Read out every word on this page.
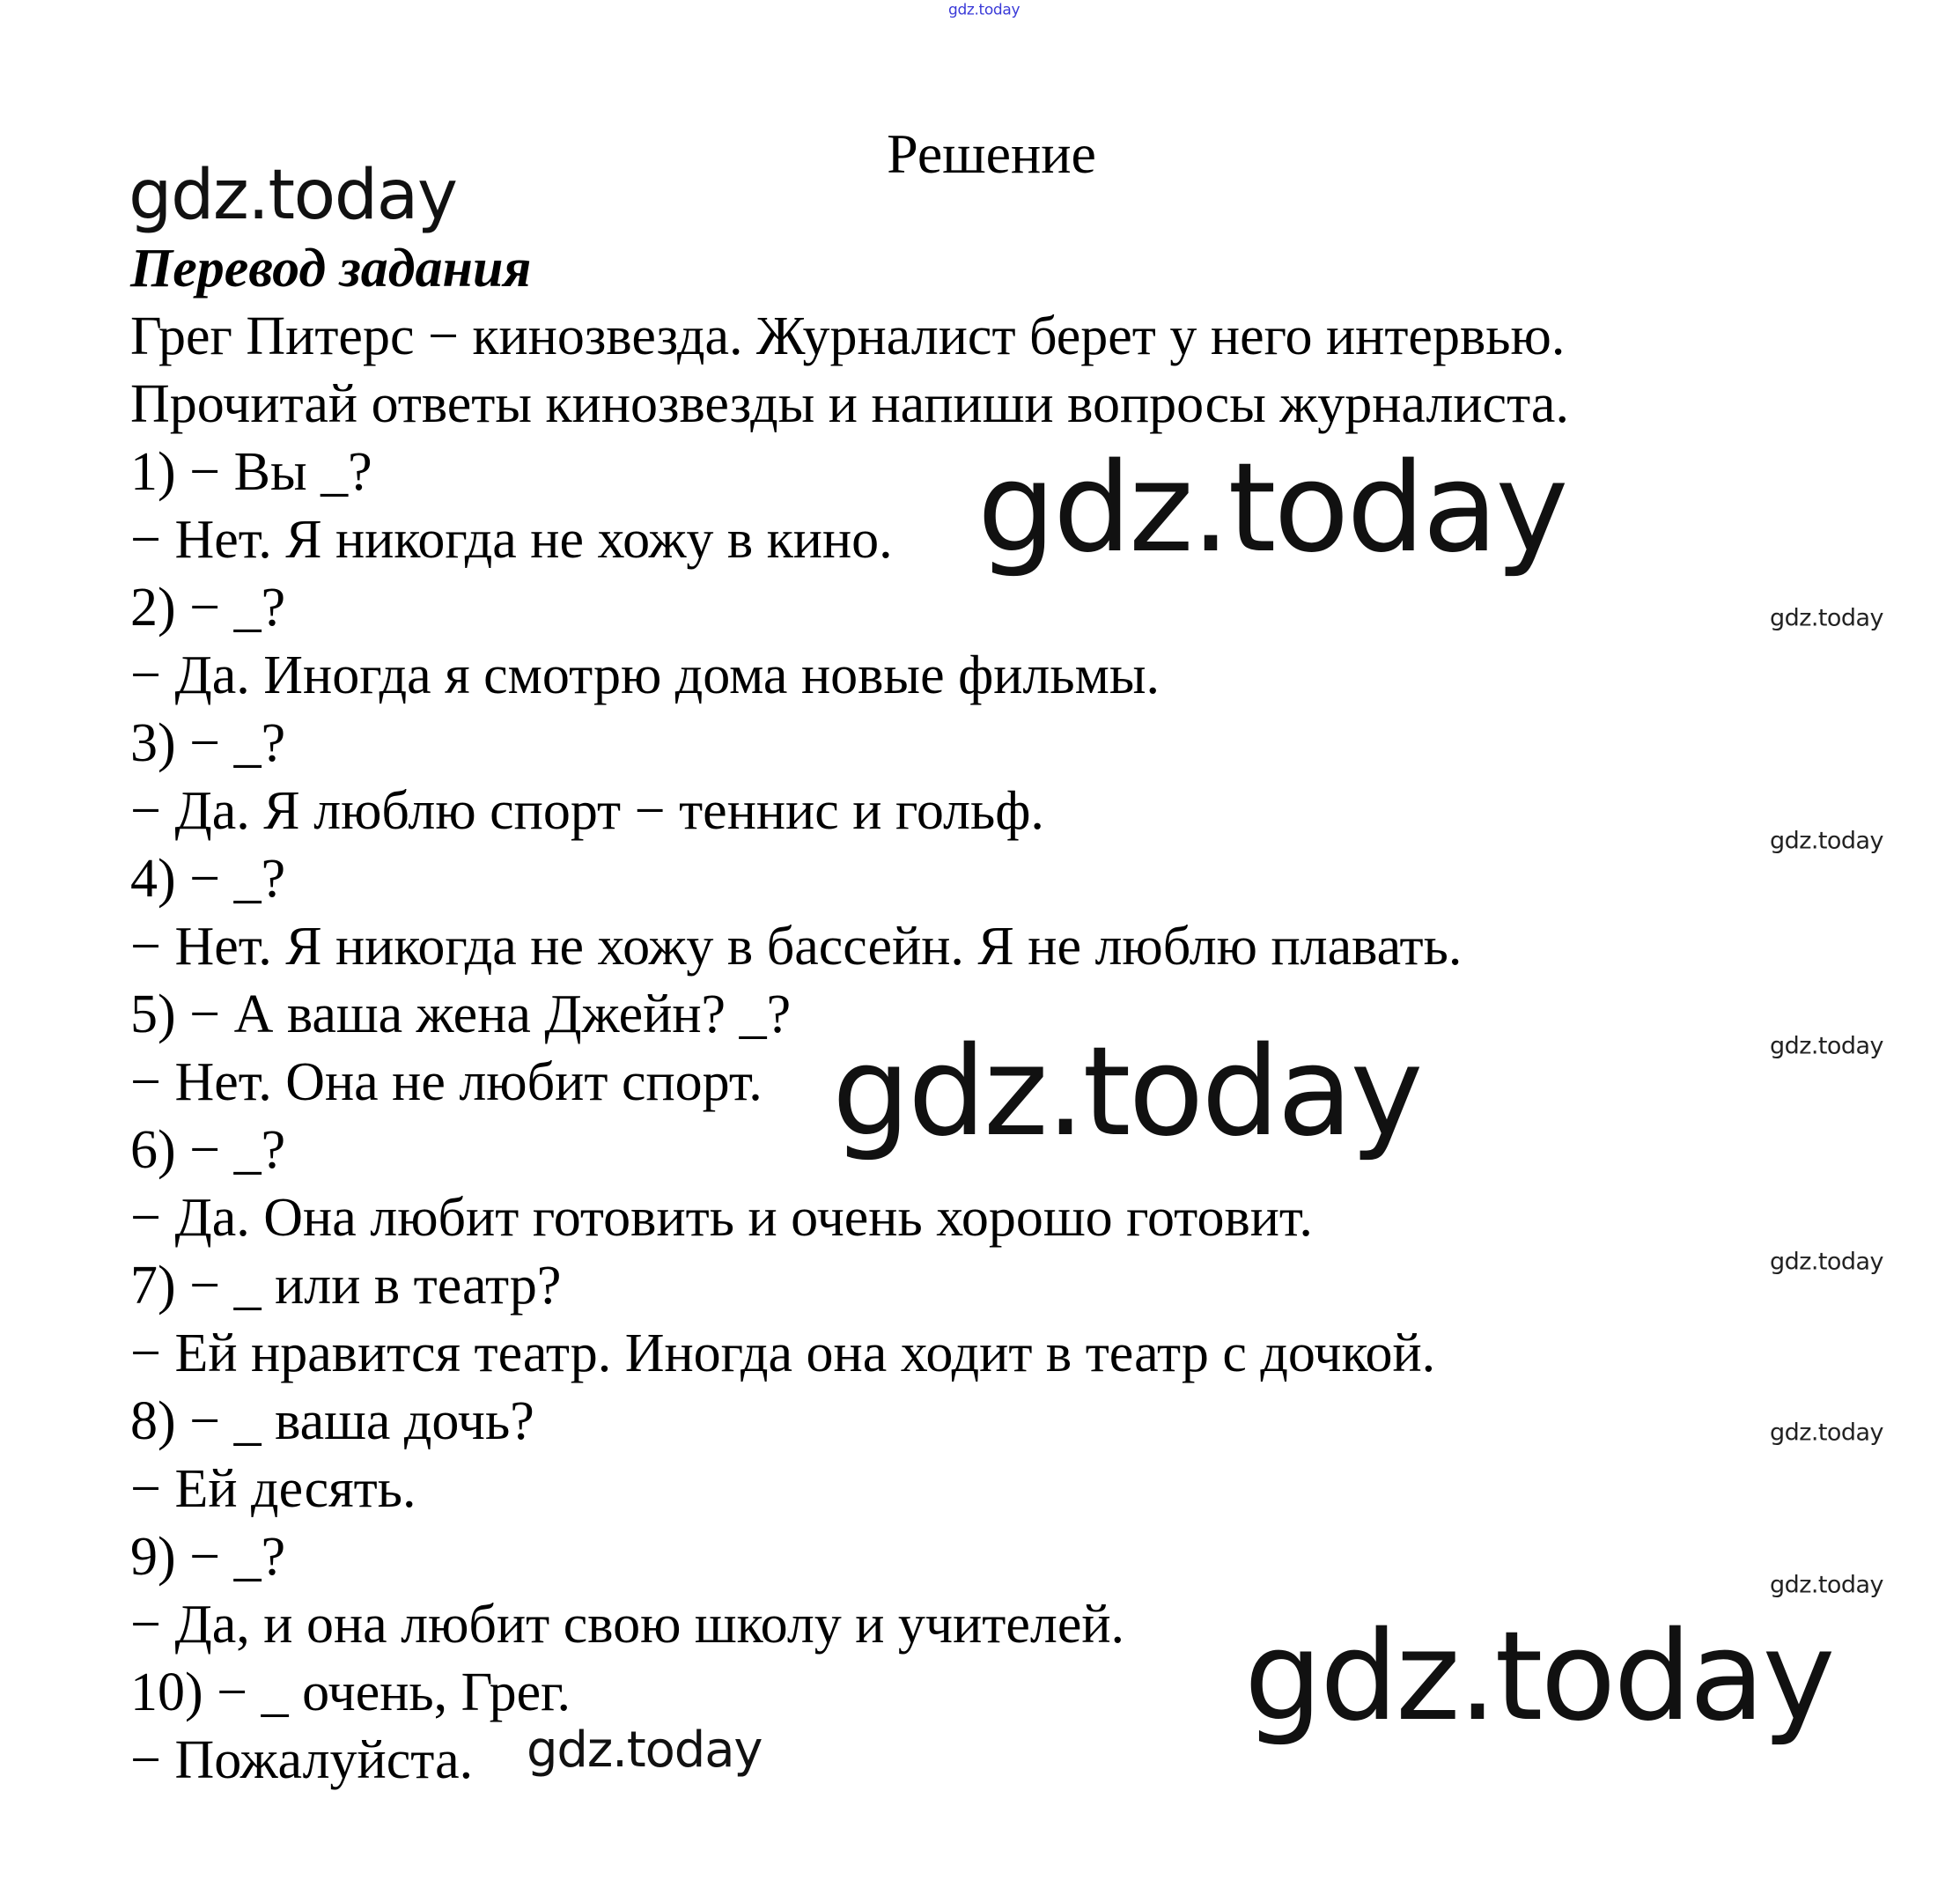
gdz.today
Решение
gdz.today
Перевод задания
Грег Питерс − кинозвезда. Журналист берет у него интервью.
Прочитай ответы кинозвезды и напиши вопросы журналиста.
1) − Вы _?
− Нет. Я никогда не хожу в кино.
2) − _?
− Да. Иногда я смотрю дома новые фильмы.
3) − _?
− Да. Я люблю спорт − теннис и гольф.
4) − _?
− Нет. Я никогда не хожу в бассейн. Я не люблю плавать.
5) − А ваша жена Джейн? _?
− Нет. Она не любит спорт.
6) − _?
− Да. Она любит готовить и очень хорошо готовит.
7) − _ или в театр?
− Ей нравится театр. Иногда она ходит в театр с дочкой.
8) − _ ваша дочь?
− Ей десять.
9) − _?
− Да, и она любит свою школу и учителей.
10) − _ очень, Грег.
− Пожалуйста.
gdz.today
gdz.today
gdz.today
gdz.today
gdz.today
gdz.today
gdz.today
gdz.today
gdz.today
gdz.today
